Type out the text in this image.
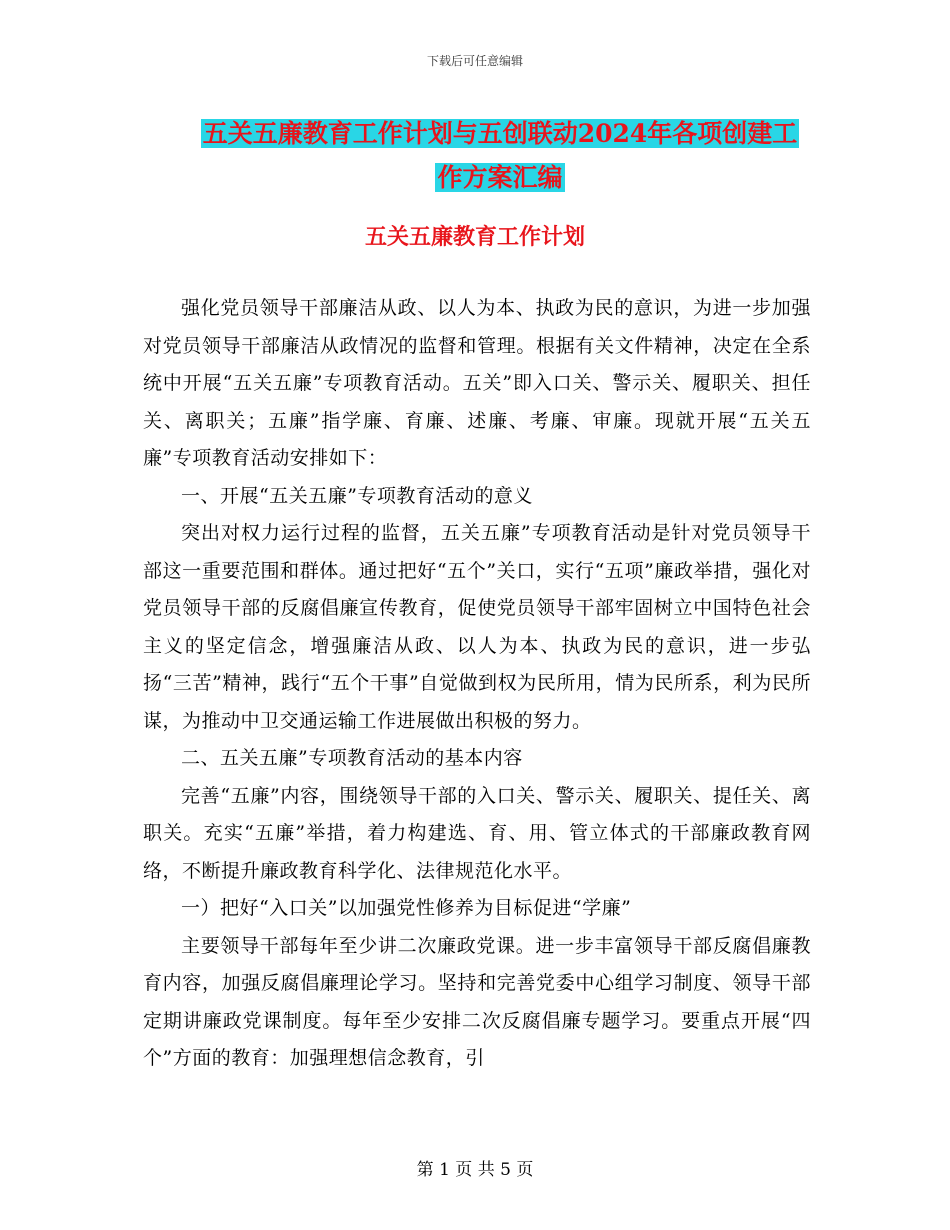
下载后可任意编辑
五关五廉教育工作计划与五创联动2024年各项创建工
作方案汇编
五关五廉教育工作计划

强化党员领导干部廉洁从政、以人为本、执政为民的意识，为进一步加强对党员领导干部廉洁从政情况的监督和管理。根据有关文件精神，决定在全系统中开展“五关五廉”专项教育活动。五关”即入口关、警示关、履职关、担任关、离职关；五廉”指学廉、育廉、述廉、考廉、审廉。现就开展“五关五廉”专项教育活动安排如下：

一、开展“五关五廉”专项教育活动的意义

突出对权力运行过程的监督，五关五廉”专项教育活动是针对党员领导干部这一重要范围和群体。通过把好“五个”关口，实行“五项”廉政举措，强化对党员领导干部的反腐倡廉宣传教育，促使党员领导干部牢固树立中国特色社会主义的坚定信念，增强廉洁从政、以人为本、执政为民的意识，进一步弘扬“三苦”精神，践行“五个干事”自觉做到权为民所用，情为民所系，利为民所谋，为推动中卫交通运输工作进展做出积极的努力。

二、五关五廉”专项教育活动的基本内容

完善“五廉”内容，围绕领导干部的入口关、警示关、履职关、提任关、离职关。充实“五廉”举措，着力构建选、育、用、管立体式的干部廉政教育网络，不断提升廉政教育科学化、法律规范化水平。

一）把好“入口关”以加强党性修养为目标促进“学廉”

主要领导干部每年至少讲二次廉政党课。进一步丰富领导干部反腐倡廉教育内容，加强反腐倡廉理论学习。坚持和完善党委中心组学习制度、领导干部定期讲廉政党课制度。每年至少安排二次反腐倡廉专题学习。要重点开展“四个”方面的教育：加强理想信念教育，引

第 1 页 共 5 页
